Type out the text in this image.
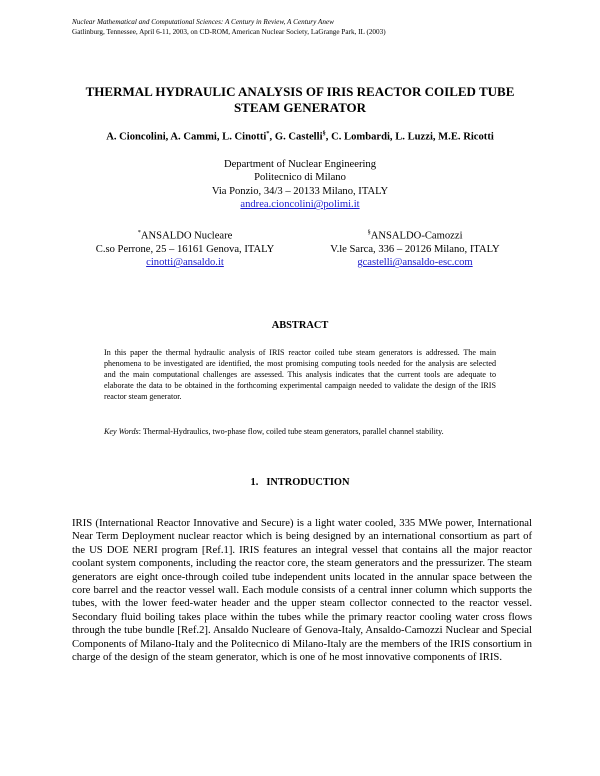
Nuclear Mathematical and Computational Sciences: A Century in Review, A Century Anew
Gatlinburg, Tennessee, April 6-11, 2003, on CD-ROM, American Nuclear Society, LaGrange Park, IL (2003)
THERMAL HYDRAULIC ANALYSIS OF IRIS REACTOR COILED TUBE
STEAM GENERATOR
A. Cioncolini, A. Cammi, L. Cinotti*, G. Castelli§, C. Lombardi, L. Luzzi, M.E. Ricotti
Department of Nuclear Engineering
Politecnico di Milano
Via Ponzio, 34/3 – 20133 Milano, ITALY
andrea.cioncolini@polimi.it
*ANSALDO Nucleare
C.so Perrone, 25 – 16161 Genova, ITALY
cinotti@ansaldo.it
§ANSALDO-Camozzi
V.le Sarca, 336 – 20126 Milano, ITALY
gcastelli@ansaldo-esc.com
ABSTRACT
In this paper the thermal hydraulic analysis of IRIS reactor coiled tube steam generators is addressed. The main phenomena to be investigated are identified, the most promising computing tools needed for the analysis are selected and the main computational challenges are assessed. This analysis indicates that the current tools are adequate to elaborate the data to be obtained in the forthcoming experimental campaign needed to validate the design of the IRIS reactor steam generator.
Key Words: Thermal-Hydraulics, two-phase flow, coiled tube steam generators, parallel channel stability.
1. INTRODUCTION
IRIS (International Reactor Innovative and Secure) is a light water cooled, 335 MWe power, International Near Term Deployment nuclear reactor which is being designed by an international consortium as part of the US DOE NERI program [Ref.1]. IRIS features an integral vessel that contains all the major reactor coolant system components, including the reactor core, the steam generators and the pressurizer. The steam generators are eight once-through coiled tube independent units located in the annular space between the core barrel and the reactor vessel wall. Each module consists of a central inner column which supports the tubes, with the lower feed-water header and the upper steam collector connected to the reactor vessel. Secondary fluid boiling takes place within the tubes while the primary reactor cooling water cross flows through the tube bundle [Ref.2]. Ansaldo Nucleare of Genova-Italy, Ansaldo-Camozzi Nuclear and Special Components of Milano-Italy and the Politecnico di Milano-Italy are the members of the IRIS consortium in charge of the design of the steam generator, which is one of he most innovative components of IRIS.
